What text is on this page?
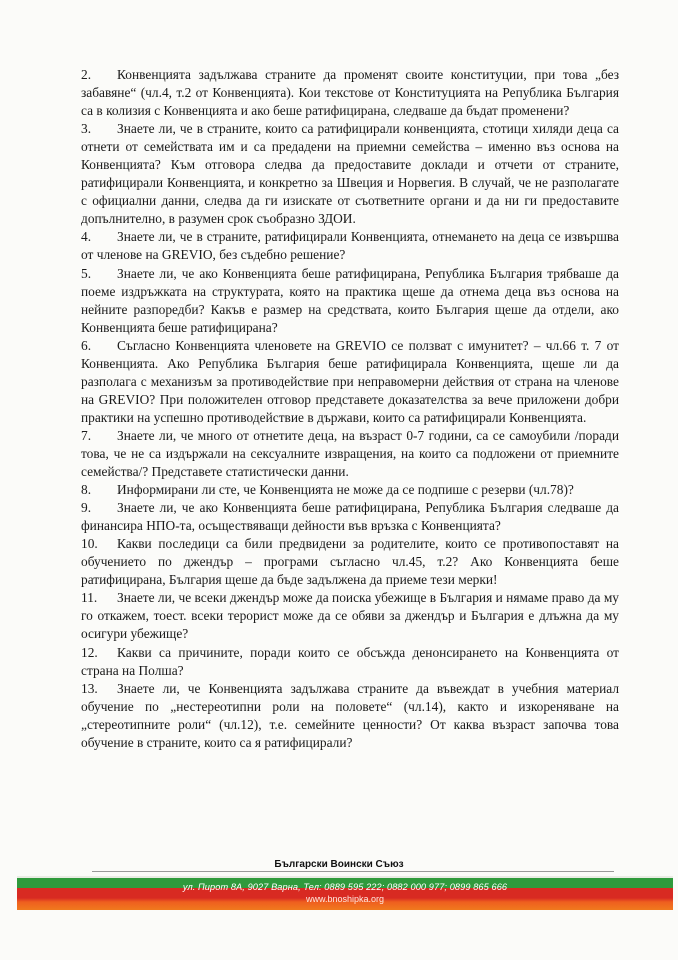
2. Конвенцията задължава страните да променят своите конституции, при това „без забавяне“ (чл.4, т.2 от Конвенцията). Кои текстове от Конституцията на Република България са в колизия с Конвенцията и ако беше ратифицирана, следваше да бъдат променени?

3. Знаете ли, че в страните, които са ратифицирали конвенцията, стотици хиляди деца са отнети от семействата им и са предадени на приемни семейства – именно въз основа на Конвенцията? Към отговора следва да предоставите доклади и отчети от страните, ратифицирали Конвенцията, и конкретно за Швеция и Норвегия. В случай, че не разполагате с официални данни, следва да ги изискате от съответните органи и да ни ги предоставите допълнително, в разумен срок съобразно ЗДОИ.

4. Знаете ли, че в страните, ратифицирали Конвенцията, отнемането на деца се извършва от членове на GREVIO, без съдебно решение?

5. Знаете ли, че ако Конвенцията беше ратифицирана, Република България трябваше да поеме издръжката на структурата, която на практика щеше да отнема деца въз основа на нейните разпоредби? Какъв е размер на средствата, които България щеше да отдели, ако Конвенцията беше ратифицирана?

6. Съгласно Конвенцията членовете на GREVIO се ползват с имунитет? – чл.66 т. 7 от Конвенцията. Ако Република България беше ратифицирала Конвенцията, щеше ли да разполага с механизъм за противодействие при неправомерни действия от страна на членове на GREVIO? При положителен отговор представете доказателства за вече приложени добри практики на успешно противодействие в държави, които са ратифицирали Конвенцията.

7. Знаете ли, че много от отнетите деца, на възраст 0-7 години, са се самоубили /поради това, че не са издържали на сексуалните извращения, на които са подложени от приемните семейства/? Представете статистически данни.

8. Информирани ли сте, че Конвенцията не може да се подпише с резерви (чл.78)?

9. Знаете ли, че ако Конвенцията беше ратифицирана, Република България следваше да финансира НПО-та, осъществяващи дейности във връзка с Конвенцията?

10. Какви последици са били предвидени за родителите, които се противопоставят на обучението по джендър – програми съгласно чл.45, т.2? Ако Конвенцията беше ратифицирана, България щеше да бъде задължена да приеме тези мерки!

11. Знаете ли, че всеки джендър може да поиска убежище в България и нямаме право да му го откажем, тоест. всеки терорист може да се обяви за джендър и България е длъжна да му осигури убежище?

12. Какви са причините, поради които се обсъжда денонсирането на Конвенцията от страна на Полша?

13. Знаете ли, че Конвенцията задължава страните да въвеждат в учебния материал обучение по „нестереотипни роли на половете“ (чл.14), както и изкореняване на „стереотипните роли“ (чл.12), т.е. семейните ценности? От каква възраст започва това обучение в страните, които са я ратифицирали?

Български Воински Съюз
ул. Пирот 8А, 9027 Варна, Тел: 0889 595 222; 0882 000 977; 0899 865 666
www.bnoshipka.org
